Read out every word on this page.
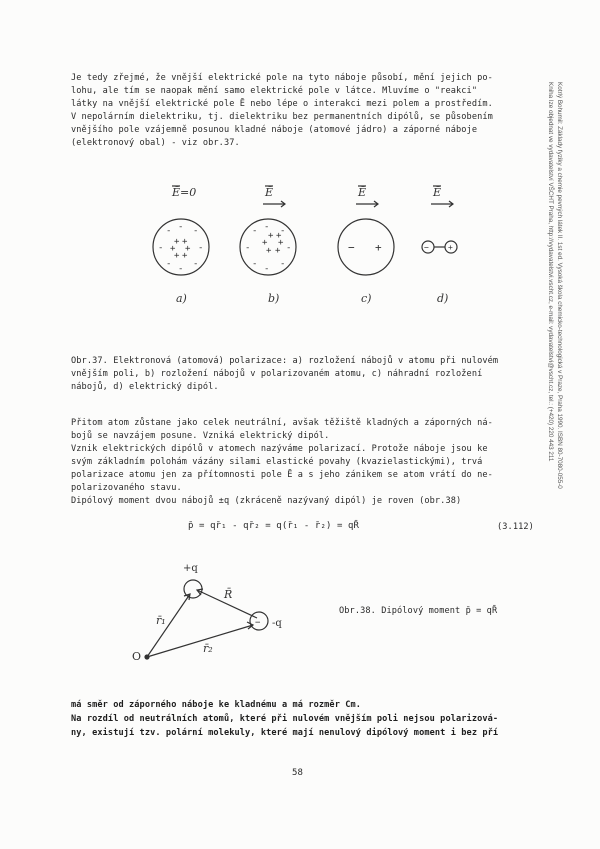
Kotrlý Bohumil: Základy fyziky a chemie pevných látek II. 1st ed. Vysoká škola chemicko-technologická v Praze, Praha 1990. ISBN 80-7080-055-0
Kniha Ize objednat ve vydavatelství VŠCHT Praha, http://vydavatelstvi.vscht.cz, e-mail: vydavatelstvi@vscht.cz, tel.: (+420) 220 443 211
Je tedy zřejmé, že vnější elektrické pole na tyto náboje působí, mění jejich po-
lohu, ale tím se naopak mění samo elektrické pole v látce. Mluvíme o "reakci"
látky na vnější elektrické pole Ē nebo lépe o interakci mezi polem a prostředím.
V nepolárním dielektriku, tj. dielektriku bez permanentních dipólů, se působením
vnějšího pole vzájemně posunou kladné náboje (atomové jádro) a záporné náboje
(elektronový obal) - viz obr.37.
-	-
+ +
+ +
+ +
- -
- -
-
-
-	-
+ +
+ +
+ +
-	-
-	-
-
-
− +	− +
Ē=0	Ē	Ē	Ē
a)	b)	c)	d)
Obr.37. Elektronová (atomová) polarizace: a) rozložení nábojů v atomu při nulovém
vnějším poli, b) rozložení nábojů v polarizovaném atomu, c) náhradní rozložení
nábojů, d) elektrický dipól.
Přitom atom zůstane jako celek neutrální, avšak těžiště kladných a záporných ná-
bojů se navzájem posune. Vzniká elektrický dipól.
Vznik elektrických dipólů v atomech nazýváme polarizací. Protože náboje jsou ke
svým základním polohám vázány silami elastické povahy (kvazielastickými), trvá
polarizace atomu jen za přítomnosti pole Ē a s jeho zánikem se atom vrátí do ne-
polarizovaného stavu.
Dipólový moment dvou nábojů ±q (zkráceně nazývaný dipól) je roven (obr.38)
p̄ = qr̄₁ - qr̄₂ = q(r̄₁ - r̄₂) = qR̄	(3.112)
−
+q
-q
O
r̄₁
r̄₂
R̄
Obr.38. Dipólový moment p̄ = qR̄
má směr od záporného náboje ke kladnému a má rozměr Cm.
Na rozdíl od neutrálních atomů, které při nulovém vnějším poli nejsou polarizová-
ny, existují tzv. polární molekuly, které mají nenulový dipólový moment i bez pří
58
